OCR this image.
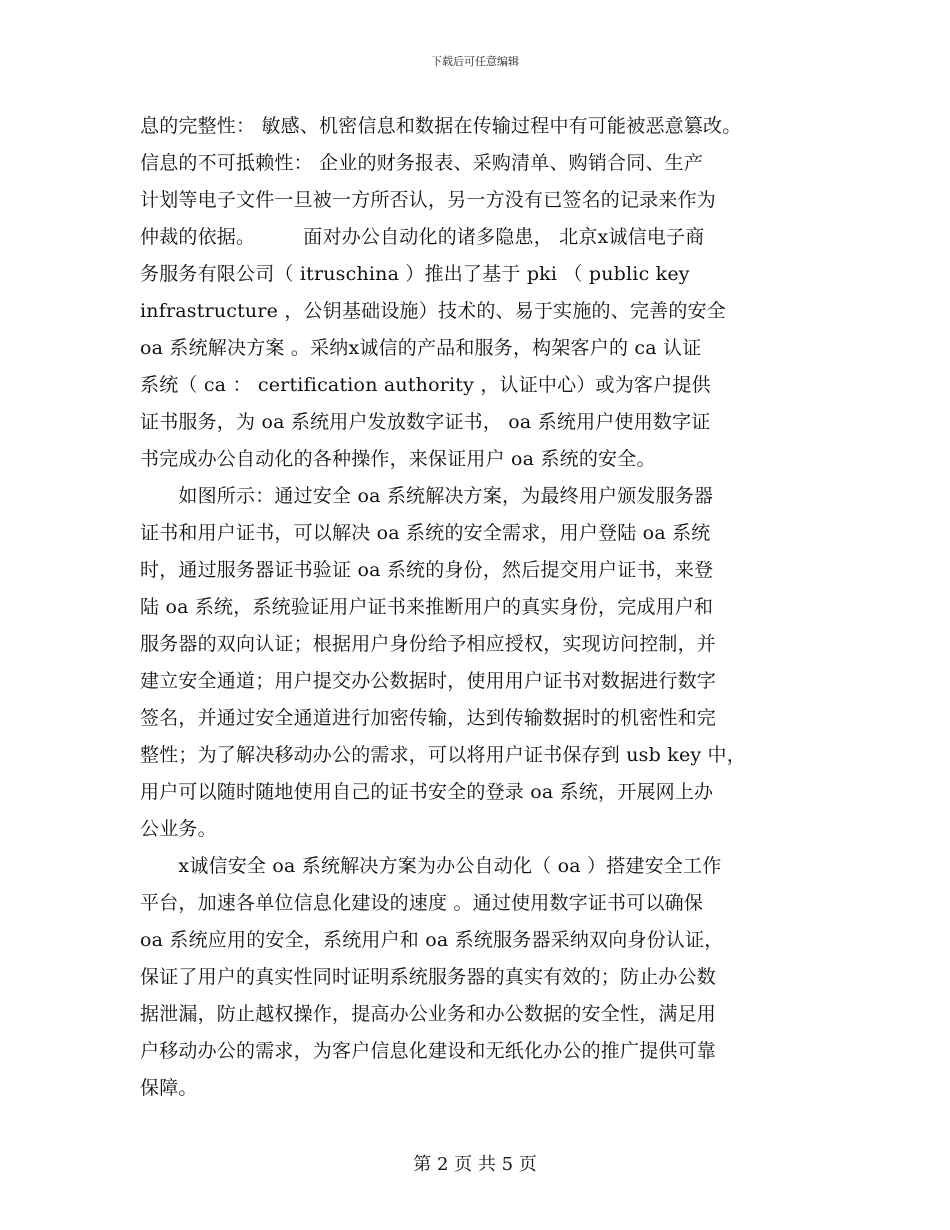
下载后可任意编辑
息的完整性： 敏感、机密信息和数据在传输过程中有可能被恶意篡改。
信息的不可抵赖性： 企业的财务报表、采购清单、购销合同、生产
计划等电子文件一旦被一方所否认，另一方没有已签名的记录来作为
仲裁的依据。　　　面对办公自动化的诸多隐患， 北京x诚信电子商
务服务有限公司（ itruschina ）推出了基于 pki （ public key
infrastructure ，公钥基础设施）技术的、易于实施的、完善的安全
oa 系统解决方案 。采纳x诚信的产品和服务，构架客户的 ca 认证
系统（ ca ： certification authority ，认证中心）或为客户提供
证书服务，为 oa 系统用户发放数字证书， oa 系统用户使用数字证
书完成办公自动化的各种操作，来保证用户 oa 系统的安全。
　　如图所示：通过安全 oa 系统解决方案，为最终用户颁发服务器
证书和用户证书，可以解决 oa 系统的安全需求，用户登陆 oa 系统
时，通过服务器证书验证 oa 系统的身份，然后提交用户证书，来登
陆 oa 系统，系统验证用户证书来推断用户的真实身份，完成用户和
服务器的双向认证；根据用户身份给予相应授权，实现访问控制，并
建立安全通道；用户提交办公数据时，使用用户证书对数据进行数字
签名，并通过安全通道进行加密传输，达到传输数据时的机密性和完
整性；为了解决移动办公的需求，可以将用户证书保存到 usb key 中，
用户可以随时随地使用自己的证书安全的登录 oa 系统，开展网上办
公业务。
　　x诚信安全 oa 系统解决方案为办公自动化（ oa ）搭建安全工作
平台，加速各单位信息化建设的速度 。通过使用数字证书可以确保
oa 系统应用的安全，系统用户和 oa 系统服务器采纳双向身份认证，
保证了用户的真实性同时证明系统服务器的真实有效的；防止办公数
据泄漏，防止越权操作，提高办公业务和办公数据的安全性，满足用
户移动办公的需求，为客户信息化建设和无纸化办公的推广提供可靠
保障。
第 2 页 共 5 页
